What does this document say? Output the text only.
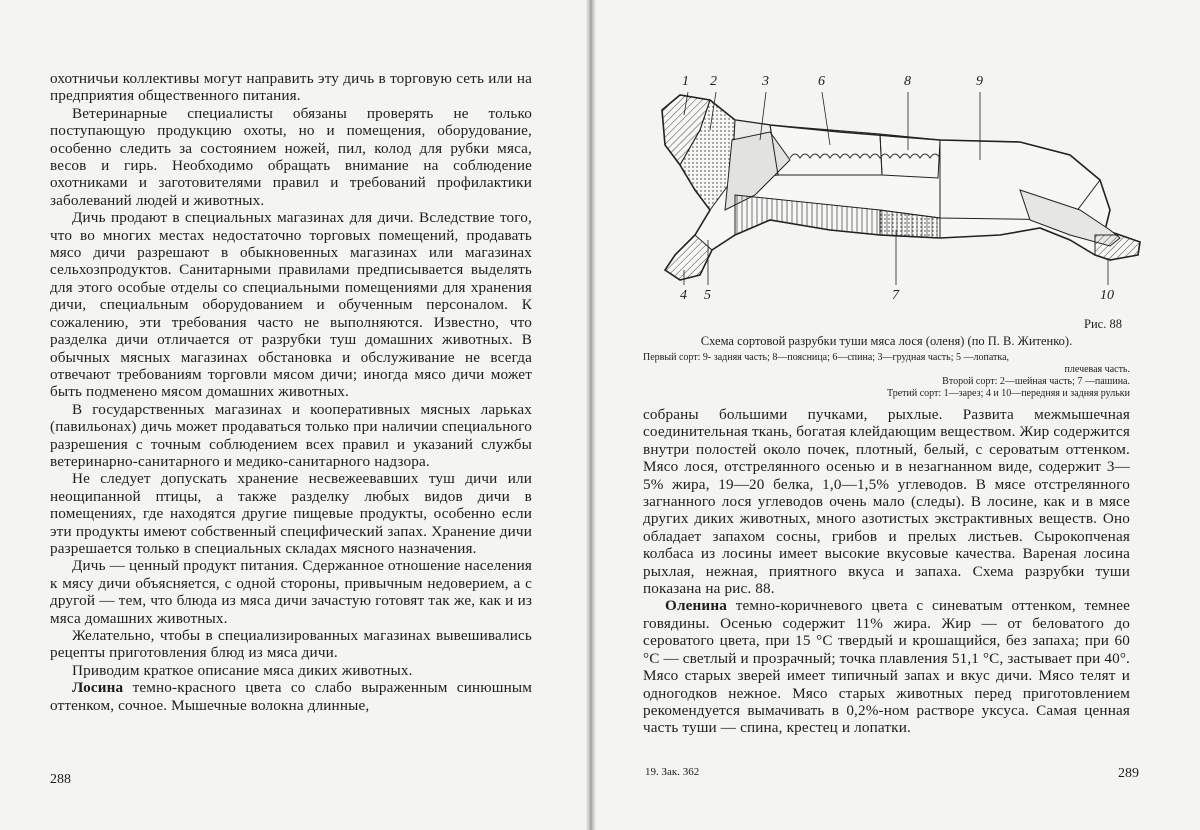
охотничьи коллективы могут направить эту дичь в торговую сеть или на предприятия общественного питания.

Ветеринарные специалисты обязаны проверять не только поступающую продукцию охоты, но и помещения, оборудование, особенно следить за состоянием ножей, пил, колод для рубки мяса, весов и гирь. Необходимо обращать внимание на соблюдение охотниками и заготовителями правил и требований профилактики заболеваний людей и животных.

Дичь продают в специальных магазинах для дичи. Вследствие того, что во многих местах недостаточно торговых помещений, продавать мясо дичи разрешают в обыкновенных магазинах или магазинах сельхозпродуктов. Санитарными правилами предписывается выделять для этого особые отделы со специальными помещениями для хранения дичи, специальным оборудованием и обученным персоналом. К сожалению, эти требования часто не выполняются. Известно, что разделка дичи отличается от разрубки туш домашних животных. В обычных мясных магазинах обстановка и обслуживание не всегда отвечают требованиям торговли мясом дичи; иногда мясо дичи может быть подменено мясом домашних животных.

В государственных магазинах и кооперативных мясных ларьках (павильонах) дичь может продаваться только при наличии специального разрешения с точным соблюдением всех правил и указаний службы ветеринарно-санитарного и медико-санитарного надзора.

Не следует допускать хранение несвежеевавших туш дичи или неощипанной птицы, а также разделку любых видов дичи в помещениях, где находятся другие пищевые продукты, особенно если эти продукты имеют собственный специфический запах. Хранение дичи разрешается только в специальных складах мясного назначения.

Дичь — ценный продукт питания. Сдержанное отношение населения к мясу дичи объясняется, с одной стороны, привычным недоверием, а с другой — тем, что блюда из мяса дичи зачастую готовят так же, как и из мяса домашних животных.

Желательно, чтобы в специализированных магазинах вывешивались рецепты приготовления блюд из мяса дичи.

Приводим краткое описание мяса диких животных.

Лосина темно-красного цвета со слабо выраженным синюшным оттенком, сочное. Мышечные волокна длинные,

288
1 2	3	6	8	9
4 5	7	10
Рис. 88
Схема сортовой разрубки туши мяса лося (оленя) (по П. В. Житенко).
Первый сорт: 9- задняя часть; 8—поясница; 6—спина; 3—грудная часть; 5 —лопатка,
плечевая часть.
Второй сорт: 2—шейная часть; 7 —пашина.
Третий сорт: 1—зарез; 4 и 10—передняя и задняя рульки

собраны большими пучками, рыхлые. Развита межмышечная соединительная ткань, богатая клейдающим веществом. Жир содержится внутри полостей около почек, плотный, белый, с сероватым оттенком. Мясо лося, отстрелянного осенью и в незагнанном виде, содержит 3—5% жира, 19—20 белка, 1,0—1,5% углеводов. В мясе отстрелянного загнанного лося углеводов очень мало (следы). В лосине, как и в мясе других диких животных, много азотистых экстрактивных веществ. Оно обладает запахом сосны, грибов и прелых листьев. Сырокопченая колбаса из лосины имеет высокие вкусовые качества. Вареная лосина рыхлая, нежная, приятного вкуса и запаха. Схема разрубки туши показана на рис. 88.

Оленина темно-коричневого цвета с синеватым оттенком, темнее говядины. Осенью содержит 11% жира. Жир — от беловатого до сероватого цвета, при 15 °C твердый и крошащийся, без запаха; при 60 °C — светлый и прозрачный; точка плавления 51,1 °C, застывает при 40°. Мясо старых зверей имеет типичный запах и вкус дичи. Мясо телят и одногодков нежное. Мясо старых животных перед приготовлением рекомендуется вымачивать в 0,2%-ном растворе уксуса. Самая ценная часть туши — спина, крестец и лопатки.

19. Зак. 362	289
